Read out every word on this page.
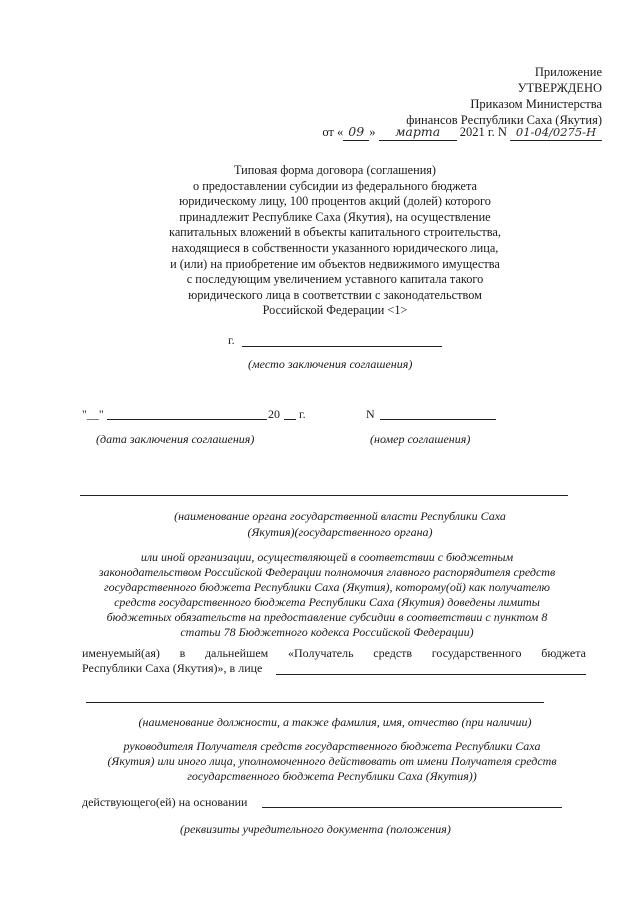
Приложение
УТВЕРЖДЕНО
Приказом Министерства
финансов Республики Саха (Якутия)
от « 09 » марта 2021 г. N 01-04/0275-Н
Типовая форма договора (соглашения)
о предоставлении субсидии из федерального бюджета
юридическому лицу, 100 процентов акций (долей) которого
принадлежит Республике Саха (Якутия), на осуществление
капитальных вложений в объекты капитального строительства,
находящиеся в собственности указанного юридического лица,
и (или) на приобретение им объектов недвижимого имущества
с последующим увеличением уставного капитала такого
юридического лица в соответствии с законодательством
Российской Федерации <1>
г.
(место заключения соглашения)
"__"	20 г.	N
(дата заключения соглашения)	(номер соглашения)
(наименование органа государственной власти Республики Саха
(Якутия)(государственного органа)
или иной организации, осуществляющей в соответствии с бюджетным
законодательством Российской Федерации полномочия главного распорядителя средств
государственного бюджета Республики Саха (Якутия), которому(ой) как получателю
средств государственного бюджета Республики Саха (Якутия) доведены лимиты
бюджетных обязательств на предоставление субсидии в соответствии с пунктом 8
статьи 78 Бюджетного кодекса Российской Федерации)
именуемый(ая) в дальнейшем «Получатель средств государственного бюджета
Республики Саха (Якутия)», в лице
(наименование должности, а также фамилия, имя, отчество (при наличии)
руководителя Получателя средств государственного бюджета Республики Саха
(Якутия) или иного лица, уполномоченного действовать от имени Получателя средств
государственного бюджета Республики Саха (Якутия))
действующего(ей) на основании
(реквизиты учредительного документа (положения)
